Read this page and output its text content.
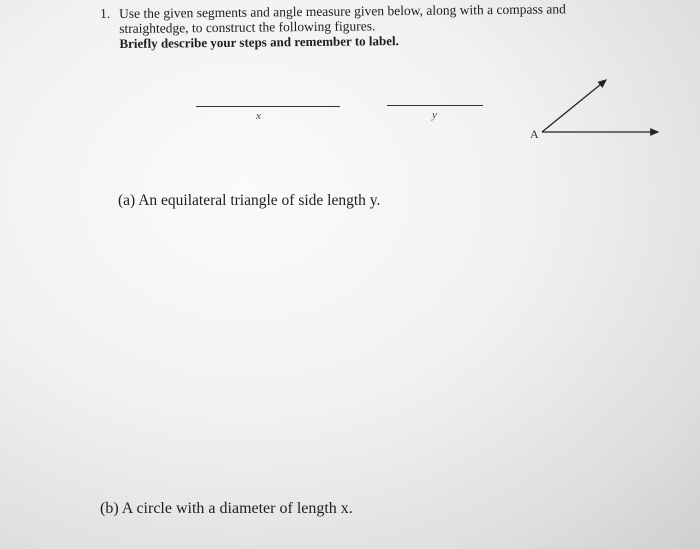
1. Use the given segments and angle measure given below, along with a compass and
straightedge, to construct the following figures.
Briefly describe your steps and remember to label.
x	y
A
(a) An equilateral triangle of side length y.
(b) A circle with a diameter of length x.
